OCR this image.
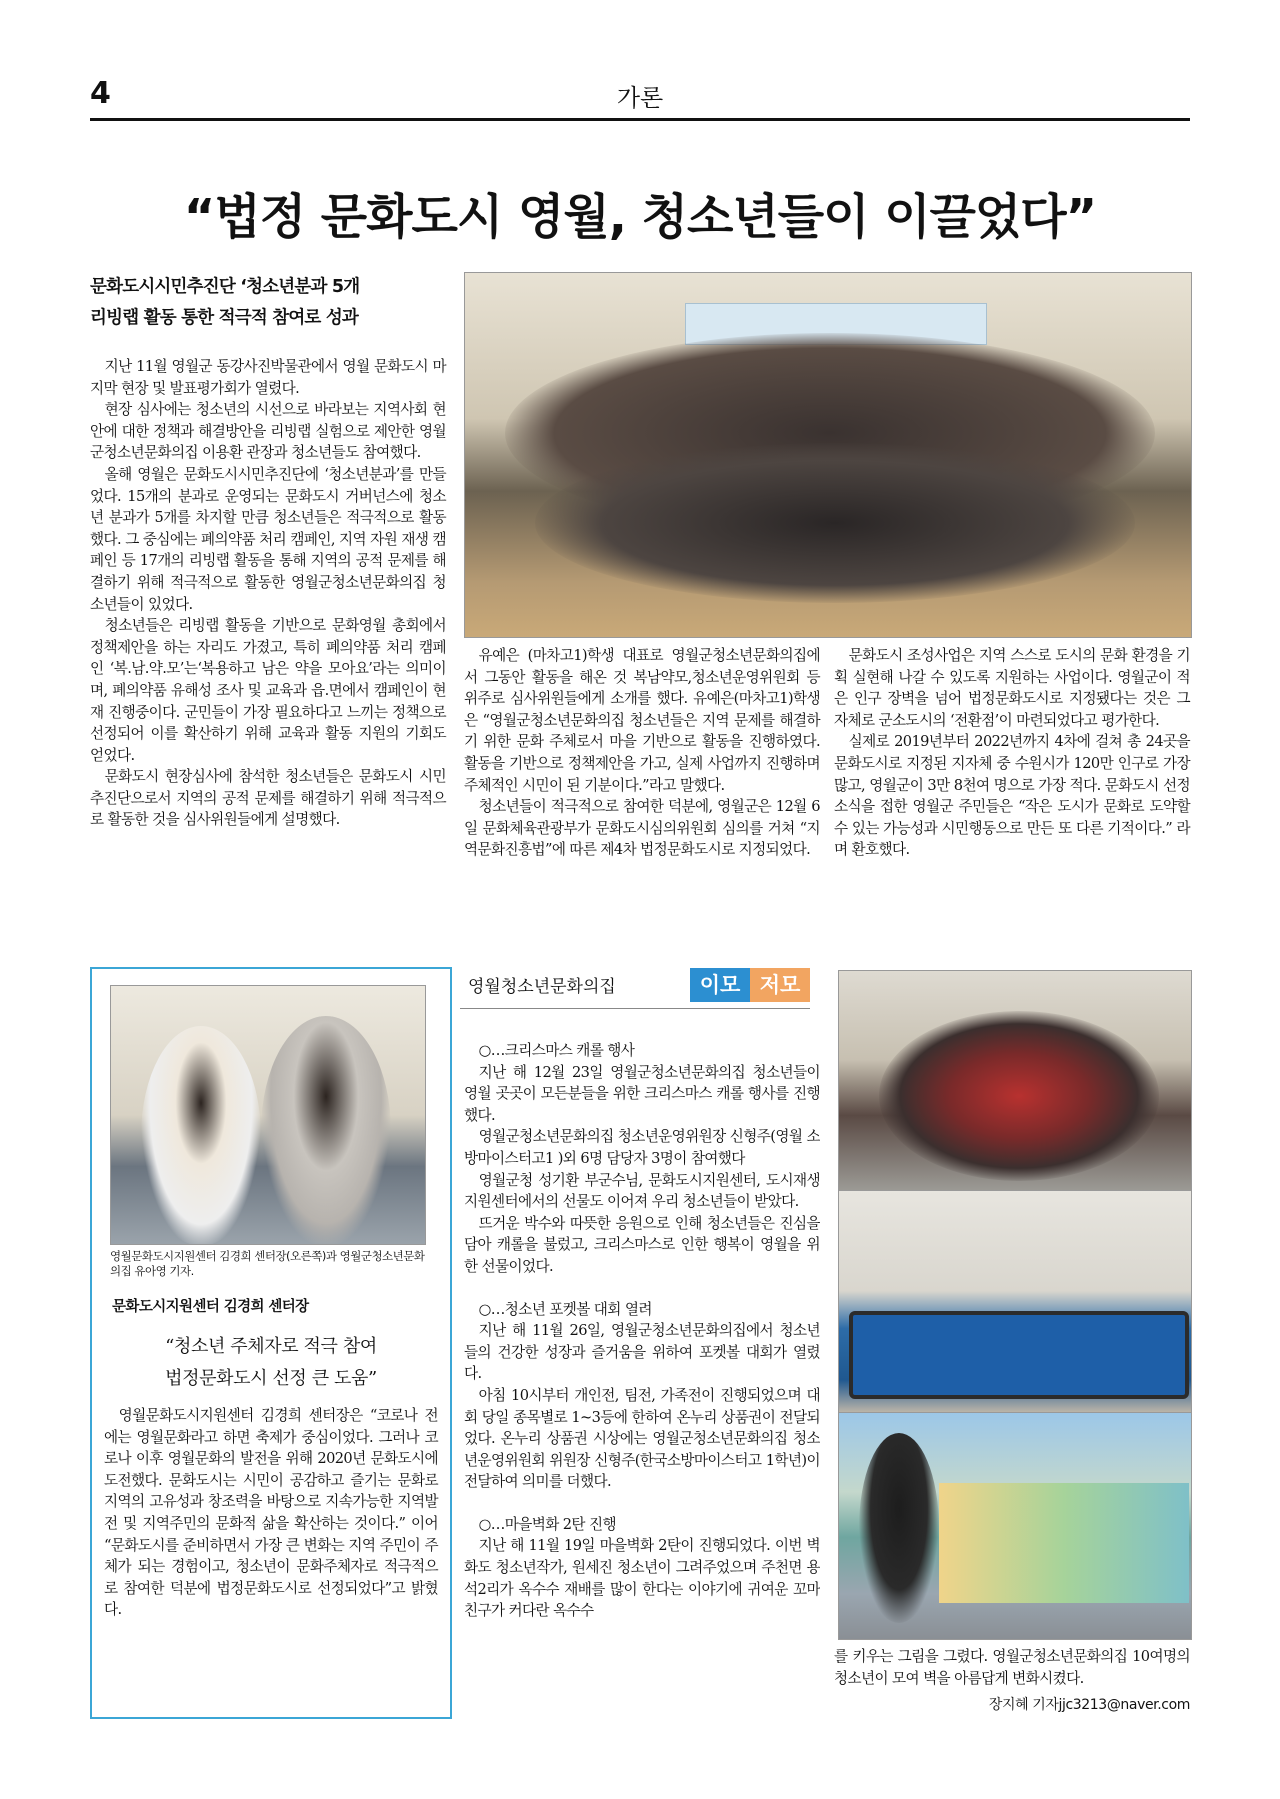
4	가론
“법정 문화도시 영월, 청소년들이 이끌었다”
문화도시시민추진단 ‘청소년분과 5개
리빙랩 활동 통한 적극적 참여로 성과

지난 11월 영월군 동강사진박물관에서 영월 문화도시 마지막 현장 및 발표평가회가 열렸다.

현장 심사에는 청소년의 시선으로 바라보는 지역사회 현안에 대한 정책과 해결방안을 리빙랩 실험으로 제안한 영월군청소년문화의집 이용환 관장과 청소년들도 참여했다.

올해 영월은 문화도시시민추진단에 ‘청소년분과’를 만들었다. 15개의 분과로 운영되는 문화도시 거버넌스에 청소년 분과가 5개를 차지할 만큼 청소년들은 적극적으로 활동했다. 그 중심에는 폐의약품 처리 캠페인, 지역 자원 재생 캠페인 등 17개의 리빙랩 활동을 통해 지역의 공적 문제를 해결하기 위해 적극적으로 활동한 영월군청소년문화의집 청소년들이 있었다.

청소년들은 리빙랩 활동을 기반으로 문화영월 총회에서 정책제안을 하는 자리도 가졌고, 특히 폐의약품 처리 캠페인 ‘복.남.약.모’는‘복용하고 남은 약을 모아요’라는 의미이며, 폐의약품 유해성 조사 및 교육과 읍.면에서 캠페인이 현재 진행중이다. 군민들이 가장 필요하다고 느끼는 정책으로 선정되어 이를 확산하기 위해 교육과 활동 지원의 기회도 얻었다.

문화도시 현장심사에 참석한 청소년들은 문화도시 시민추진단으로서 지역의 공적 문제를 해결하기 위해 적극적으로 활동한 것을 심사위원들에게 설명했다.

유예은 (마차고1)학생 대표로 영월군청소년문화의집에서 그동안 활동을 해온 것 복남약모,청소년운영위원회 등 위주로 심사위원들에게 소개를 했다. 유예은(마차고1)학생은 “영월군청소년문화의집 청소년들은 지역 문제를 해결하기 위한 문화 주체로서 마을 기반으로 활동을 진행하였다. 활동을 기반으로 정책제안을 가고, 실제 사업까지 진행하며 주체적인 시민이 된 기분이다.”라고 말했다.

청소년들이 적극적으로 참여한 덕분에, 영월군은 12월 6일 문화체육관광부가 문화도시심의위원회 심의를 거쳐 “지역문화진흥법”에 따른 제4차 법정문화도시로 지정되었다.

문화도시 조성사업은 지역 스스로 도시의 문화 환경을 기획 실현해 나갈 수 있도록 지원하는 사업이다. 영월군이 적은 인구 장벽을 넘어 법정문화도시로 지정됐다는 것은 그 자체로 군소도시의 ‘전환점’이 마련되었다고 평가한다.

실제로 2019년부터 2022년까지 4차에 걸쳐 총 24곳을 문화도시로 지정된 지자체 중 수원시가 120만 인구로 가장 많고, 영월군이 3만 8천여 명으로 가장 적다. 문화도시 선정 소식을 접한 영월군 주민들은 “작은 도시가 문화로 도약할 수 있는 가능성과 시민행동으로 만든 또 다른 기적이다.” 라며 환호했다.

영월문화도시지원센터 김경희 센터장(오른쪽)과 영월군청소년문화의집 유아영 기자.
문화도시지원센터 김경희 센터장
“청소년 주체자로 적극 참여
법정문화도시 선정 큰 도움”

영월문화도시지원센터 김경희 센터장은 “코로나 전에는 영월문화라고 하면 축제가 중심이었다. 그러나 코로나 이후 영월문화의 발전을 위해 2020년 문화도시에 도전했다. 문화도시는 시민이 공감하고 즐기는 문화로 지역의 고유성과 창조력을 바탕으로 지속가능한 지역발전 및 지역주민의 문화적 삶을 확산하는 것이다.” 이어 “문화도시를 준비하면서 가장 큰 변화는 지역 주민이 주체가 되는 경험이고, 청소년이 문화주체자로 적극적으로 참여한 덕분에 법정문화도시로 선정되었다”고 밝혔다.

영월청소년문화의집	이모 저모

○…크리스마스 캐롤 행사

지난 해 12월 23일 영월군청소년문화의집 청소년들이 영월 곳곳이 모든분들을 위한 크리스마스 캐롤 행사를 진행했다.

영월군청소년문화의집 청소년운영위원장 신형주(영월 소방마이스터고1 )외 6명 담당자 3명이 참여했다

영월군청 성기환 부군수님, 문화도시지원센터, 도시재생지원센터에서의 선물도 이어져 우리 청소년들이 받았다.

뜨거운 박수와 따뜻한 응원으로 인해 청소년들은 진심을담아 캐롤을 불렀고, 크리스마스로 인한 행복이 영월을 위한 선물이었다.

○…청소년 포켓볼 대회 열려

지난 해 11월 26일, 영월군청소년문화의집에서 청소년들의 건강한 성장과 즐거움을 위하여 포켓볼 대회가 열렸다.

아침 10시부터 개인전, 팀전, 가족전이 진행되었으며 대회 당일 종목별로 1~3등에 한하여 온누리 상품권이 전달되었다. 온누리 상품권 시상에는 영월군청소년문화의집 청소년운영위원회 위원장 신형주(한국소방마이스터고 1학년)이 전달하여 의미를 더했다.

○…마을벽화 2탄 진행

지난 해 11월 19일 마을벽화 2탄이 진행되었다. 이번 벽화도 청소년작가, 원세진 청소년이 그려주었으며 주천면 용석2리가 옥수수 재배를 많이 한다는 이야기에 귀여운 꼬마친구가 커다란 옥수수

를 키우는 그림을 그렸다. 영월군청소년문화의집 10여명의 청소년이 모여 벽을 아름답게 변화시켰다.
장지혜 기자jjc3213@naver.com
